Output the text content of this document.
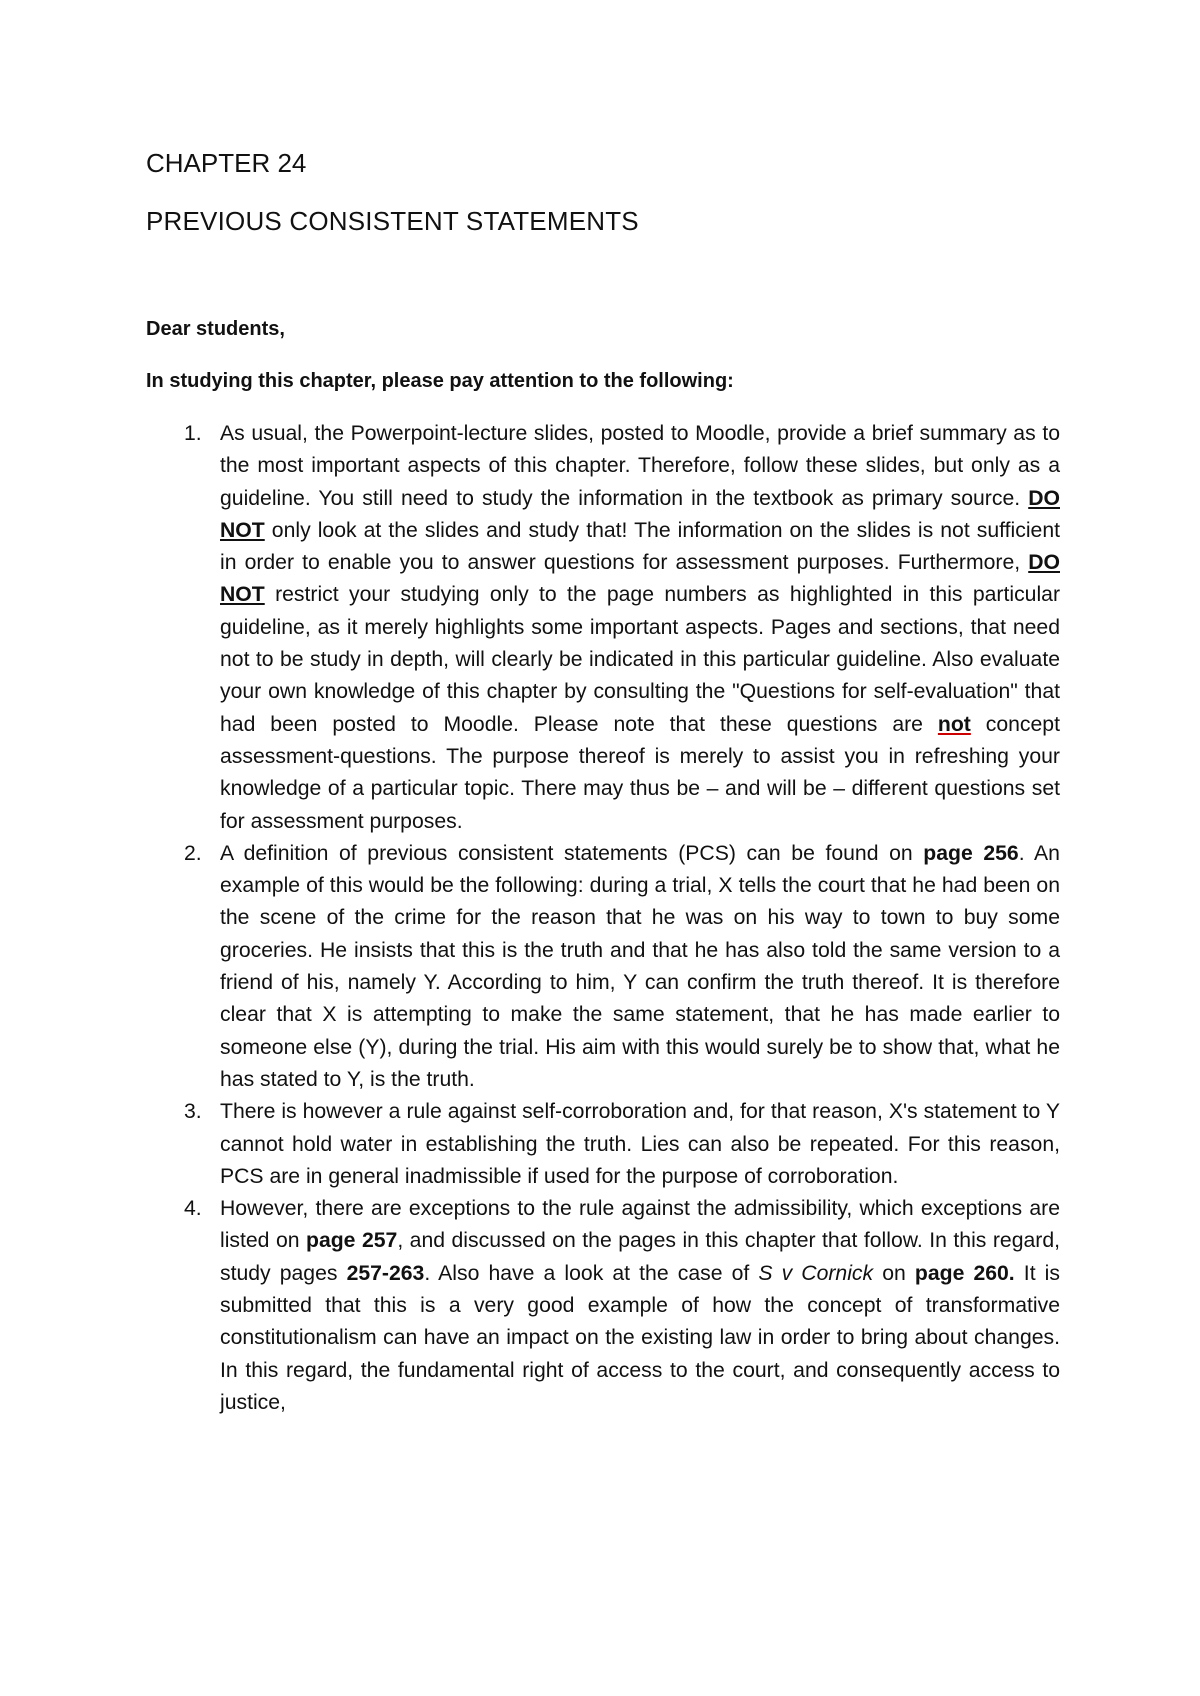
CHAPTER 24
PREVIOUS CONSISTENT STATEMENTS

Dear students,

In studying this chapter, please pay attention to the following:

1. As usual, the Powerpoint-lecture slides, posted to Moodle, provide a brief summary as to the most important aspects of this chapter. Therefore, follow these slides, but only as a guideline. You still need to study the information in the textbook as primary source. DO NOT only look at the slides and study that! The information on the slides is not sufficient in order to enable you to answer questions for assessment purposes. Furthermore, DO NOT restrict your studying only to the page numbers as highlighted in this particular guideline, as it merely highlights some important aspects. Pages and sections, that need not to be study in depth, will clearly be indicated in this particular guideline. Also evaluate your own knowledge of this chapter by consulting the "Questions for self-evaluation" that had been posted to Moodle. Please note that these questions are not concept assessment-questions. The purpose thereof is merely to assist you in refreshing your knowledge of a particular topic. There may thus be – and will be – different questions set for assessment purposes.
2. A definition of previous consistent statements (PCS) can be found on page 256. An example of this would be the following: during a trial, X tells the court that he had been on the scene of the crime for the reason that he was on his way to town to buy some groceries. He insists that this is the truth and that he has also told the same version to a friend of his, namely Y. According to him, Y can confirm the truth thereof. It is therefore clear that X is attempting to make the same statement, that he has made earlier to someone else (Y), during the trial. His aim with this would surely be to show that, what he has stated to Y, is the truth.
3. There is however a rule against self-corroboration and, for that reason, X's statement to Y cannot hold water in establishing the truth. Lies can also be repeated. For this reason, PCS are in general inadmissible if used for the purpose of corroboration.
4. However, there are exceptions to the rule against the admissibility, which exceptions are listed on page 257, and discussed on the pages in this chapter that follow. In this regard, study pages 257-263. Also have a look at the case of S v Cornick on page 260. It is submitted that this is a very good example of how the concept of transformative constitutionalism can have an impact on the existing law in order to bring about changes. In this regard, the fundamental right of access to the court, and consequently access to justice,
